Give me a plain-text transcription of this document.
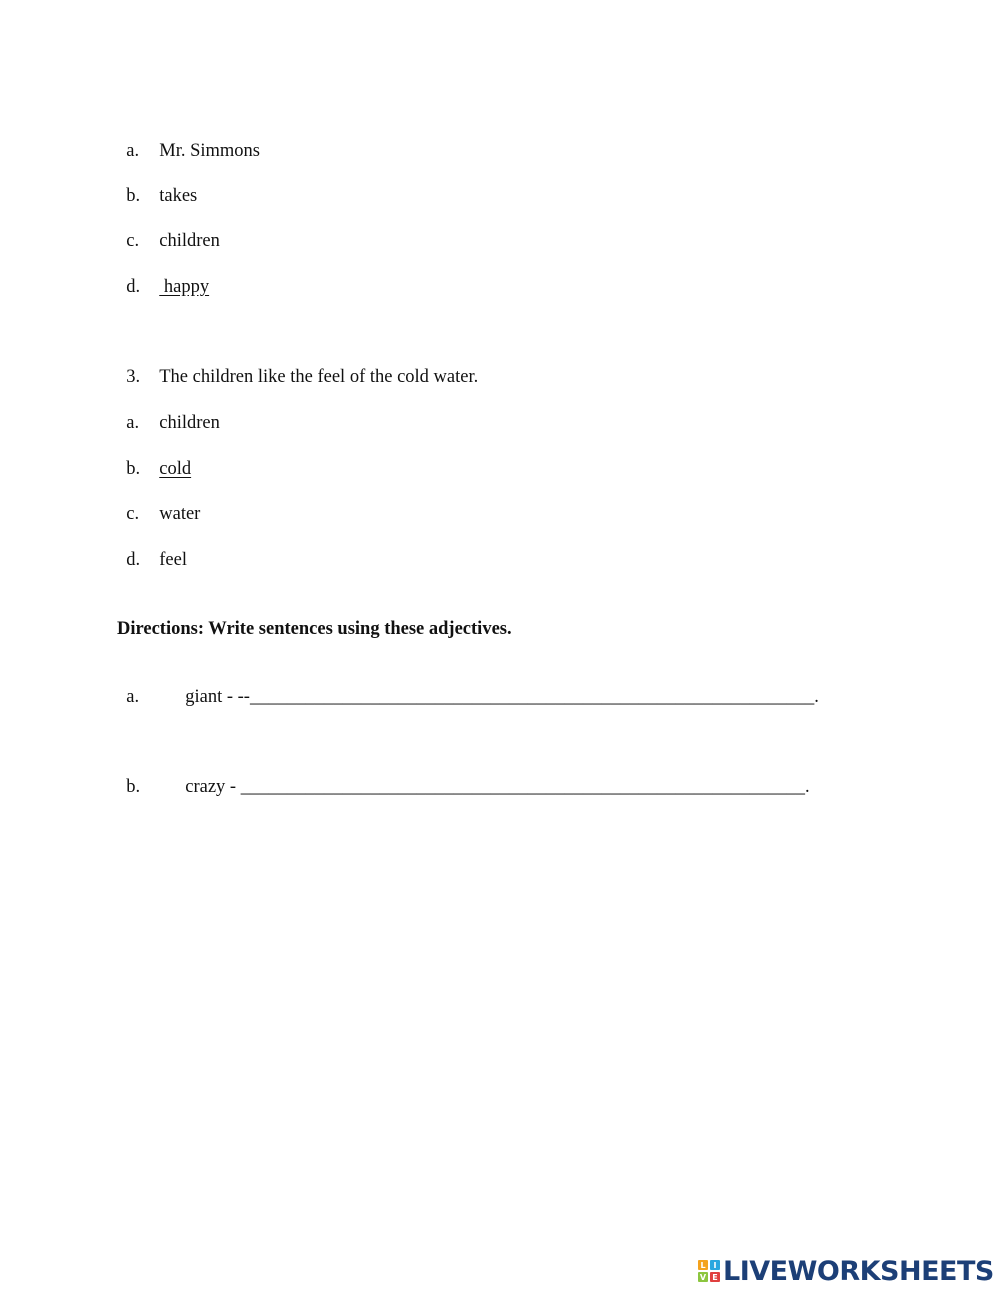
a. Mr. Simmons

b. takes

c. children

d. happy

3. The children like the feel of the cold water.

a. children

b. cold

c. water

d. feel

Directions: Write sentences using these adjectives.

a. giant - --_____________________________________________________________.

b. crazy - _____________________________________________________________.

L I
V E LIVEWORKSHEETS
